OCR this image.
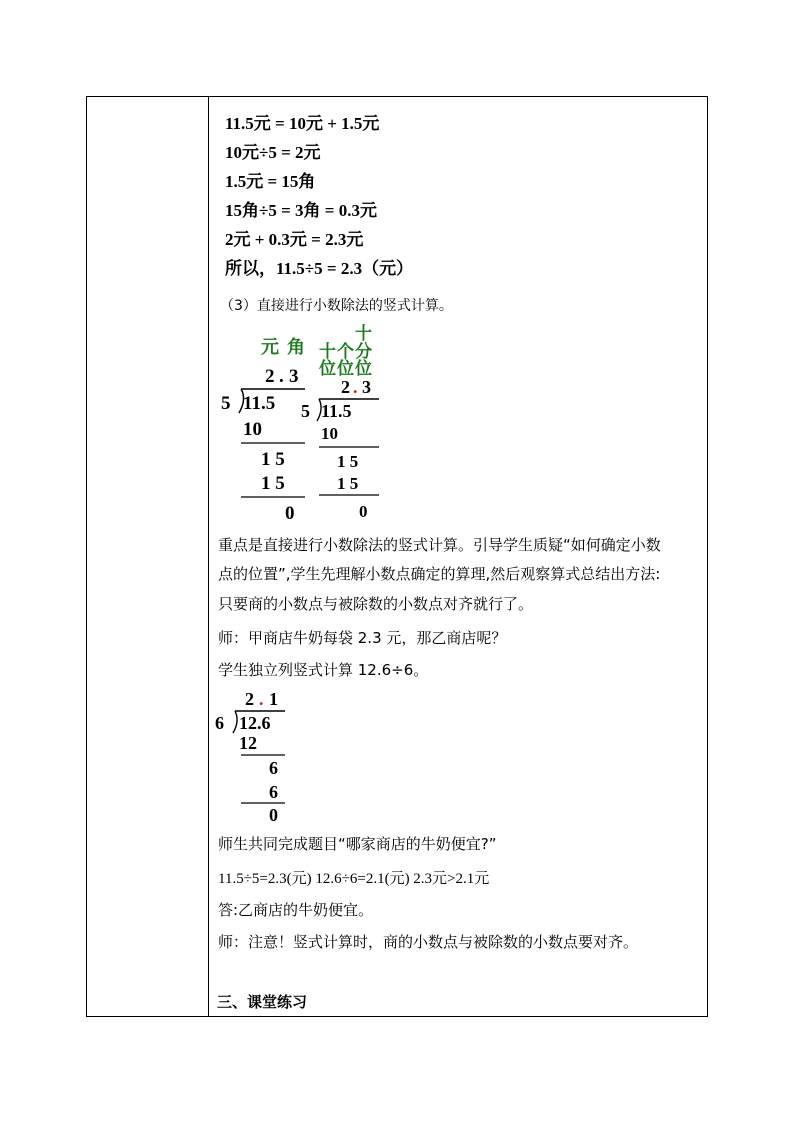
11.5元 = 10元 + 1.5元
10元÷5 = 2元
1.5元 = 15角
15角÷5 = 3角 = 0.3元
2元 + 0.3元 = 2.3元
所以，11.5÷5 = 2.3（元）
（3）直接进行小数除法的竖式计算。
元 角
2 . 3
5 11.5
10
1 5
1 5
0
十
十 个 分
位 位 位
2 . 3
5 11.5
10
1 5
1 5
0
重点是直接进行小数除法的竖式计算。引导学生质疑“如何确定小数
点的位置”,学生先理解小数点确定的算理,然后观察算式总结出方法:
只要商的小数点与被除数的小数点对齐就行了。
师：甲商店牛奶每袋 2.3 元，那乙商店呢？
学生独立列竖式计算 12.6÷6。
2 . 1
6 12.6
12
6
6
0
师生共同完成题目“哪家商店的牛奶便宜?”
11.5÷5=2.3(元) 12.6÷6=2.1(元) 2.3元>2.1元
答:乙商店的牛奶便宜。
师：注意！竖式计算时，商的小数点与被除数的小数点要对齐。
三、课堂练习
